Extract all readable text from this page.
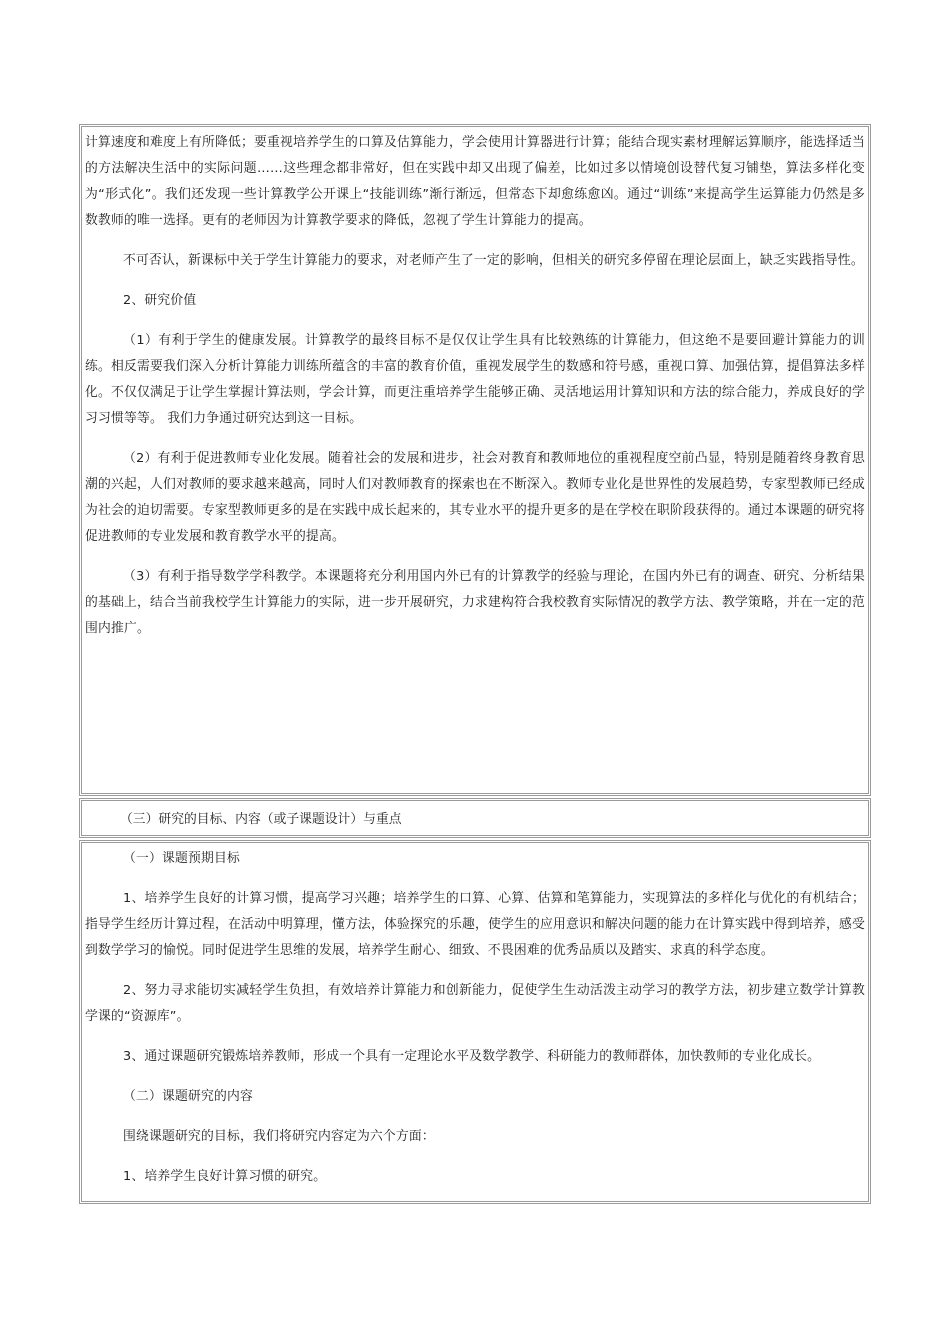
计算速度和难度上有所降低；要重视培养学生的口算及估算能力，学会使用计算器进行计算；能结合现实素材理解运算顺序，能选择适当的方法解决生活中的实际问题……这些理念都非常好，但在实践中却又出现了偏差，比如过多以情境创设替代复习铺垫，算法多样化变为“形式化”。我们还发现一些计算教学公开课上“技能训练”渐行渐远，但常态下却愈练愈凶。通过“训练”来提高学生运算能力仍然是多数教师的唯一选择。更有的老师因为计算教学要求的降低，忽视了学生计算能力的提高。

不可否认，新课标中关于学生计算能力的要求，对老师产生了一定的影响，但相关的研究多停留在理论层面上，缺乏实践指导性。

2、研究价值

（1）有利于学生的健康发展。计算教学的最终目标不是仅仅让学生具有比较熟练的计算能力，但这绝不是要回避计算能力的训练。相反需要我们深入分析计算能力训练所蕴含的丰富的教育价值，重视发展学生的数感和符号感，重视口算、加强估算，提倡算法多样化。不仅仅满足于让学生掌握计算法则，学会计算，而更注重培养学生能够正确、灵活地运用计算知识和方法的综合能力，养成良好的学习习惯等等。 我们力争通过研究达到这一目标。

（2）有利于促进教师专业化发展。随着社会的发展和进步，社会对教育和教师地位的重视程度空前凸显，特别是随着终身教育思潮的兴起，人们对教师的要求越来越高，同时人们对教师教育的探索也在不断深入。教师专业化是世界性的发展趋势，专家型教师已经成为社会的迫切需要。专家型教师更多的是在实践中成长起来的，其专业水平的提升更多的是在学校在职阶段获得的。通过本课题的研究将促进教师的专业发展和教育教学水平的提高。

（3）有利于指导数学学科教学。本课题将充分利用国内外已有的计算教学的经验与理论，在国内外已有的调查、研究、分析结果的基础上，结合当前我校学生计算能力的实际，进一步开展研究，力求建构符合我校教育实际情况的教学方法、教学策略，并在一定的范围内推广。

（三）研究的目标、内容（或子课题设计）与重点

（一）课题预期目标

1、培养学生良好的计算习惯，提高学习兴趣；培养学生的口算、心算、估算和笔算能力，实现算法的多样化与优化的有机结合；指导学生经历计算过程，在活动中明算理，懂方法，体验探究的乐趣，使学生的应用意识和解决问题的能力在计算实践中得到培养，感受到数学学习的愉悦。同时促进学生思维的发展，培养学生耐心、细致、不畏困难的优秀品质以及踏实、求真的科学态度。

2、努力寻求能切实减轻学生负担，有效培养计算能力和创新能力，促使学生生动活泼主动学习的教学方法，初步建立数学计算教学课的“资源库”。

3、通过课题研究锻炼培养教师，形成一个具有一定理论水平及数学教学、科研能力的教师群体，加快教师的专业化成长。

（二）课题研究的内容

围绕课题研究的目标，我们将研究内容定为六个方面：

1、培养学生良好计算习惯的研究。
